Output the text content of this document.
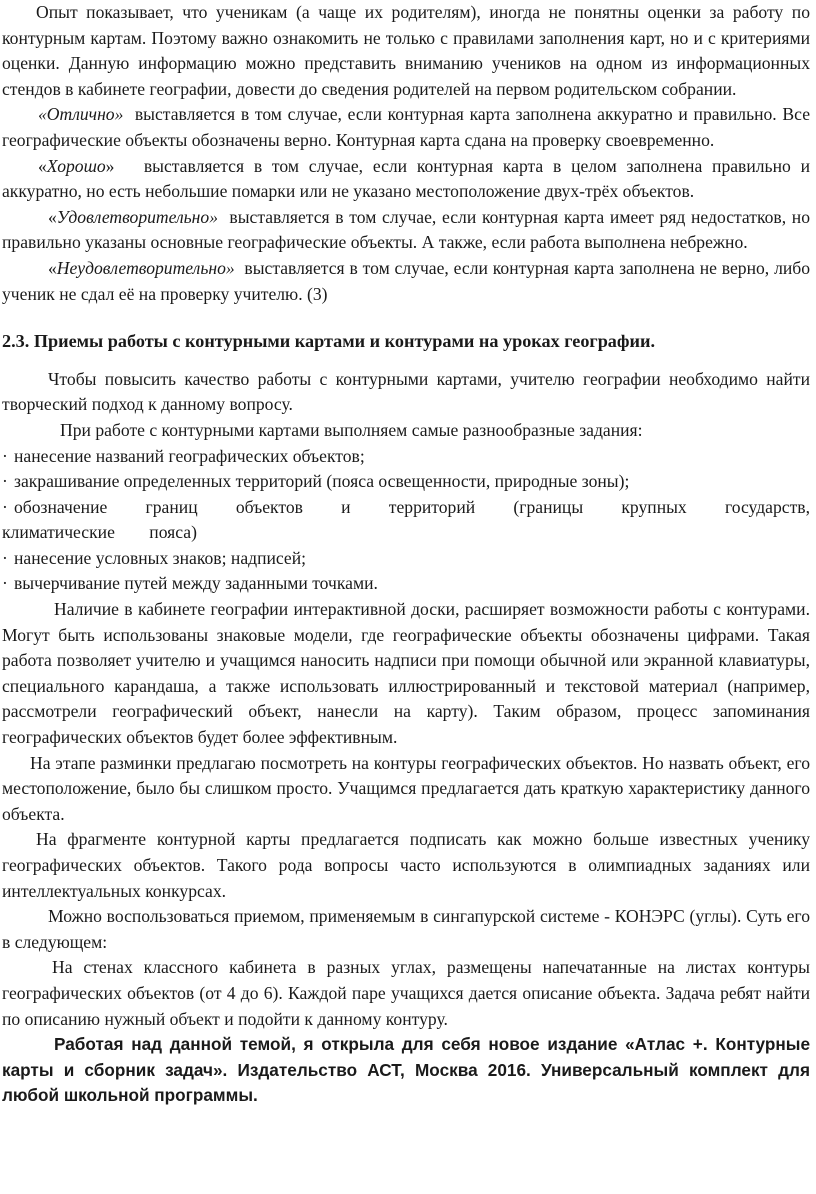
Опыт показывает, что ученикам (а чаще их родителям), иногда не понятны оценки за работу по контурным картам. Поэтому важно ознакомить не только с правилами заполнения карт, но и с критериями оценки. Данную информацию можно представить вниманию учеников на одном из информационных стендов в кабинете географии, довести до сведения родителей на первом родительском собрании.

«Отлично» выставляется в том случае, если контурная карта заполнена аккуратно и правильно. Все географические объекты обозначены верно. Контурная карта сдана на проверку своевременно.

«Хорошо» выставляется в том случае, если контурная карта в целом заполнена правильно и аккуратно, но есть небольшие помарки или не указано местоположение двух-трёх объектов.

«Удовлетворительно» выставляется в том случае, если контурная карта имеет ряд недостатков, но правильно указаны основные географические объекты. А также, если работа выполнена небрежно.

«Неудовлетворительно» выставляется в том случае, если контурная карта заполнена не верно, либо ученик не сдал её на проверку учителю. (3)

2.3. Приемы работы с контурными картами и контурами на уроках географии.

Чтобы повысить качество работы с контурными картами, учителю географии необходимо найти творческий подход к данному вопросу.

При работе с контурными картами выполняем самые разнообразные задания:

· нанесение названий географических объектов;

· закрашивание определенных территорий (пояса освещенности, природные зоны);

· обозначение границ объектов и территорий (границы крупных государств, климатические пояса)

· нанесение условных знаков; надписей;

· вычерчивание путей между заданными точками.

Наличие в кабинете географии интерактивной доски, расширяет возможности работы с контурами. Могут быть использованы знаковые модели, где географические объекты обозначены цифрами. Такая работа позволяет учителю и учащимся наносить надписи при помощи обычной или экранной клавиатуры, специального карандаша, а также использовать иллюстрированный и текстовой материал (например, рассмотрели географический объект, нанесли на карту). Таким образом, процесс запоминания географических объектов будет более эффективным.

На этапе разминки предлагаю посмотреть на контуры географических объектов. Но назвать объект, его местоположение, было бы слишком просто. Учащимся предлагается дать краткую характеристику данного объекта.

На фрагменте контурной карты предлагается подписать как можно больше известных ученику географических объектов. Такого рода вопросы часто используются в олимпиадных заданиях или интеллектуальных конкурсах.

Можно воспользоваться приемом, применяемым в сингапурской системе - КОНЭРС (углы). Суть его в следующем:

На стенах классного кабинета в разных углах, размещены напечатанные на листах контуры географических объектов (от 4 до 6). Каждой паре учащихся дается описание объекта. Задача ребят найти по описанию нужный объект и подойти к данному контуру.

Работая над данной темой, я открыла для себя новое издание «Атлас +. Контурные карты и сборник задач». Издательство АСТ, Москва 2016. Универсальный комплект для любой школьной программы.
